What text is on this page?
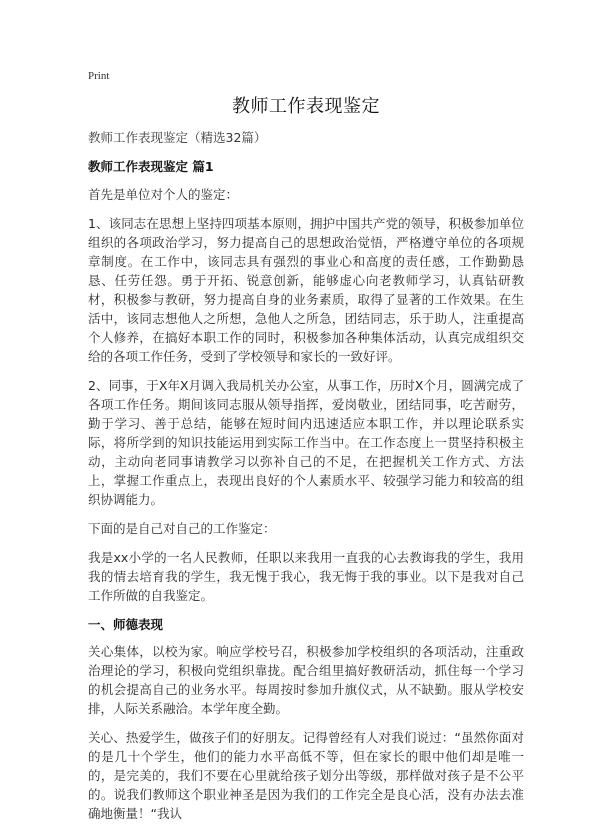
Print
教师工作表现鉴定

教师工作表现鉴定（精选32篇）

教师工作表现鉴定 篇1

首先是单位对个人的鉴定：

1、该同志在思想上坚持四项基本原则，拥护中国共产党的领导，积极参加单位组织的各项政治学习，努力提高自己的思想政治觉悟，严格遵守单位的各项规章制度。在工作中，该同志具有强烈的事业心和高度的责任感，工作勤勤恳恳、任劳任怨。勇于开拓、锐意创新，能够虚心向老教师学习，认真钻研教材，积极参与教研，努力提高自身的业务素质，取得了显著的工作效果。在生活中，该同志想他人之所想，急他人之所急，团结同志，乐于助人，注重提高个人修养，在搞好本职工作的同时，积极参加各种集体活动，认真完成组织交给的各项工作任务，受到了学校领导和家长的一致好评。

2、同事，于X年X月调入我局机关办公室，从事工作，历时X个月，圆满完成了各项工作任务。期间该同志服从领导指挥，爱岗敬业，团结同事，吃苦耐劳，勤于学习、善于总结，能够在短时间内迅速适应本职工作，并以理论联系实际，将所学到的知识技能运用到实际工作当中。在工作态度上一贯坚持积极主动，主动向老同事请教学习以弥补自己的不足，在把握机关工作方式、方法上，掌握工作重点上，表现出良好的个人素质水平、较强学习能力和较高的组织协调能力。

下面的是自己对自己的工作鉴定：

我是xx小学的一名人民教师，任职以来我用一直我的心去教诲我的学生，我用我的情去培育我的学生，我无愧于我心，我无悔于我的事业。以下是我对自己工作所做的自我鉴定。

一、师德表现

关心集体，以校为家。响应学校号召，积极参加学校组织的各项活动，注重政治理论的学习，积极向党组织靠拢。配合组里搞好教研活动，抓住每一个学习的机会提高自己的业务水平。每周按时参加升旗仪式，从不缺勤。服从学校安排，人际关系融洽。本学年度全勤。

关心、热爱学生，做孩子们的好朋友。记得曾经有人对我们说过：“虽然你面对的是几十个学生，他们的能力水平高低不等，但在家长的眼中他们却是唯一的，是完美的，我们不要在心里就给孩子划分出等级，那样做对孩子是不公平的。说我们教师这个职业神圣是因为我们的工作完全是良心活，没有办法去准确地衡量！“我认
